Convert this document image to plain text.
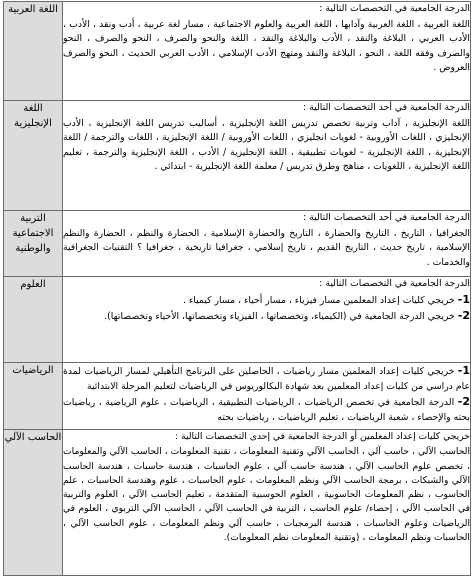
الدرجة الجامعية في التخصصات التالية :
اللغة العربية ، اللغة العربية وآدابها ، اللغة العربية والعلوم الاجتماعية ، مسار لغة عربية ، أدب ونقد ، الأدب ، الأدب العربي ، البلاغة والنقد ، الأدب والبلاغة والنقد ، اللغة والنحو والصرف ، النحو والصرف ، النحو والصرف وفقه اللغة ، النحو ، البلاغة والنقد ومنهج الأدب الإسلامي ، الأدب العربي الحديث ، النحو والصرف العروض .	اللغة العربية

الدرجة الجامعية في أحد التخصصات التالية :
اللغة الإنجليزية ، آداب وتربية تخصص تدريس اللغة الإنجليزية ، أساليب تدريس اللغة الإنجليزية ، الأدب الإنجليزي ، اللغات الأوروبية - لغويات انجليزي ، اللغات الأوروبية / اللغة الإنجليزية ، اللغات والترجمة / اللغة الإنجليزية ، اللغة الإنجليزية - لغويات تطبيقية ، اللغة الإنجليزية / الأدب ، اللغة الإنجليزية والترجمة ، تعليم اللغة الإنجليزية ، اللغويات ، مناهج وطرق تدريس / معلمة اللغة الإنجليزية - ابتدائي .	اللغة الإنجليزية

الدرجة الجامعية في أحد التخصصات التالية :
الجغرافيا ، التاريخ ، التاريخ والحضارة ، التاريخ والحضارة الإسلامية ، الحضارة والنظم ، الحضارة والنظم الإسلامية ، تاريخ حديث ، التاريخ القديم ، تاريخ إسلامي ، جغرافيا تاريخية ، جغرافيا ؟ التقنيات الجغرافية والخدمات .	التربية الاجتماعية والوطنية

الدرجة الجامعية في التخصصات التالية :
1- خريجي كليات إعداد المعلمين مسار فيزياء ، مسار أحياء ، مسار كيمياء .
2- خريجي الدرجة الجامعية في (الكيمياء، وتخصصاتها ، الفيزياء وتخصصاتها، الأحياء وتخصصاتها).	العلوم

1- خريجي كليات إعداد المعلمين مسار رياضيات ، الحاصلين على البرنامج التأهيلي لمسار الرياضيات لمدة عام دراسي من كليات إعداد المعلمين بعد شهادة البكالوريوس في الرياضيات لتعليم المرحلة الابتدائية
2- الدرجة الجامعية في تخصص الرياضيات ، الرياضيات التطبيقية ، الرياضيات ، علوم الرياضية ، رياضيات بحته والإحصاء ، شعبة الرياضيات ، تعليم الرياضيات ، رياضيات بحته	الرياضيات

خريجي كليات إعداد المعلمين أو الدرجة الجامعية في إحدى التخصصات التالية :
الحاسب الآلي ، حاسب آلي ، الحاسب الآلي وتقنية المعلومات ، تقنية المعلومات ، الحاسب الآلي والمعلومات ، تخصص علوم الحاسب الآلي ، هندسة حاسب آلي ، علوم الحاسبات ، هندسة حاسبات ، هندسة الحاسب الآلي والشبكات ، برمجة الحاسب الآلي ونظم المعلومات ، علوم الحاسبات ، علوم وهندسة الحاسبات ، علم الحاسوب ، نظم المعلومات الحاسوبية ، العلوم الحوسبية المتقدمة ، تعليم الحاسب الآلي ، العلوم والتربية في الحاسب الآلي ، إحصاء/ علوم الحاسب ، التربية في الحاسب الآلي ، الحاسب الآلي التربوي ، العلوم في الرياضيات وعلوم الحاسبات ، هندسة البرمجيات ، حاسب آلي ونظم المعلومات ، علوم الحاسب الآلي ، الحاسبات ونظم المعلومات ، (وتقنية المعلومات نظم المعلومات).	الحاسب الآلي
